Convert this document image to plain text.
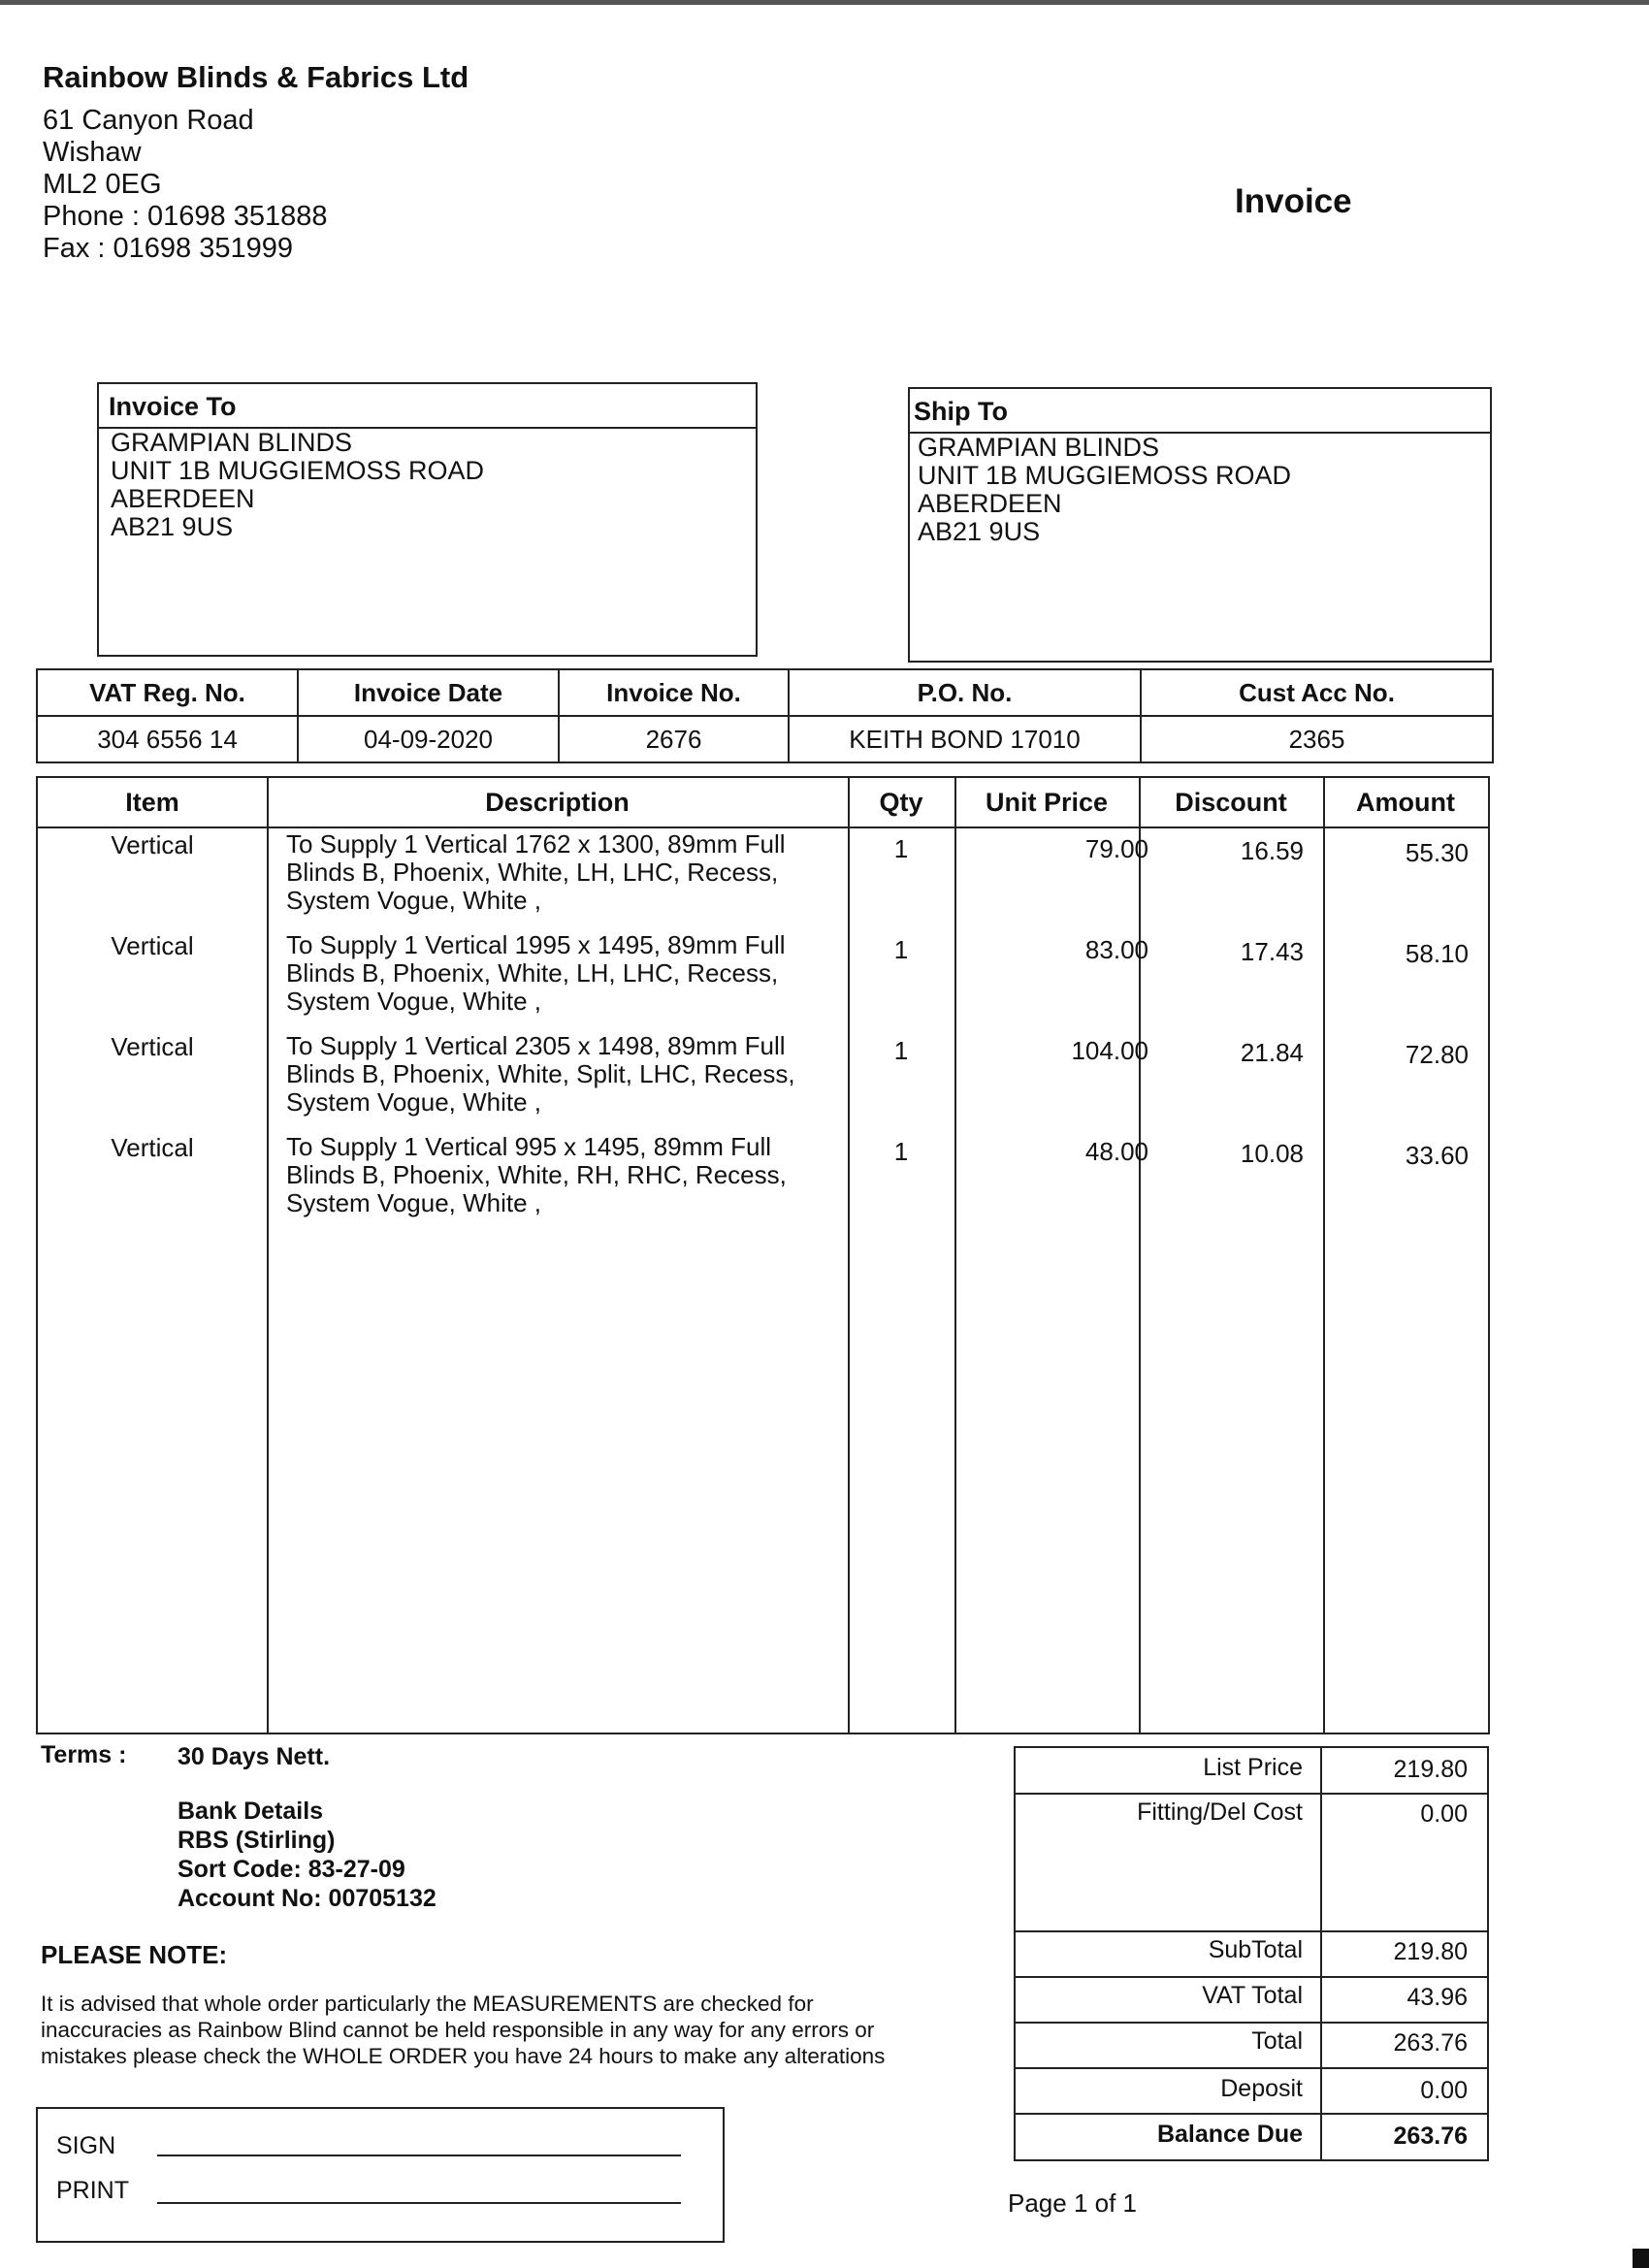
Rainbow Blinds & Fabrics Ltd
61 Canyon Road
Wishaw
ML2 0EG
Phone : 01698 351888
Fax : 01698 351999
Invoice
Invoice To
GRAMPIAN BLINDS
UNIT 1B MUGGIEMOSS ROAD
ABERDEEN
AB21 9US
Ship To
GRAMPIAN BLINDS
UNIT 1B MUGGIEMOSS ROAD
ABERDEEN
AB21 9US
VAT Reg. No.	Invoice Date	Invoice No.	P.O. No.	Cust Acc No.
304 6556 14	04-09-2020	2676	KEITH BOND 17010	2365
Item	Description	Qty	Unit Price	Discount	Amount
Vertical	To Supply 1 Vertical 1762 x 1300, 89mm Full
Blinds B, Phoenix, White, LH, LHC, Recess,
System Vogue, White ,
1	79.00	16.59	55.30
Vertical	To Supply 1 Vertical 1995 x 1495, 89mm Full
Blinds B, Phoenix, White, LH, LHC, Recess,
System Vogue, White ,
1	83.00	17.43	58.10
Vertical	To Supply 1 Vertical 2305 x 1498, 89mm Full
Blinds B, Phoenix, White, Split, LHC, Recess,
System Vogue, White ,
1	104.00	21.84	72.80
Vertical	To Supply 1 Vertical 995 x 1495, 89mm Full
Blinds B, Phoenix, White, RH, RHC, Recess,
System Vogue, White ,
1	48.00	10.08	33.60
Terms : 30 Days Nett.
Bank Details
RBS (Stirling)
Sort Code: 83-27-09
Account No: 00705132
PLEASE NOTE:
It is advised that whole order particularly the MEASUREMENTS are checked for
inaccuracies as Rainbow Blind cannot be held responsible in any way for any errors or
mistakes please check the WHOLE ORDER you have 24 hours to make any alterations
SIGN
PRINT
List Price	219.80
Fitting/Del Cost	0.00
SubTotal	219.80
VAT Total	43.96
Total	263.76
Deposit	0.00
Balance Due	263.76
Page 1 of 1
